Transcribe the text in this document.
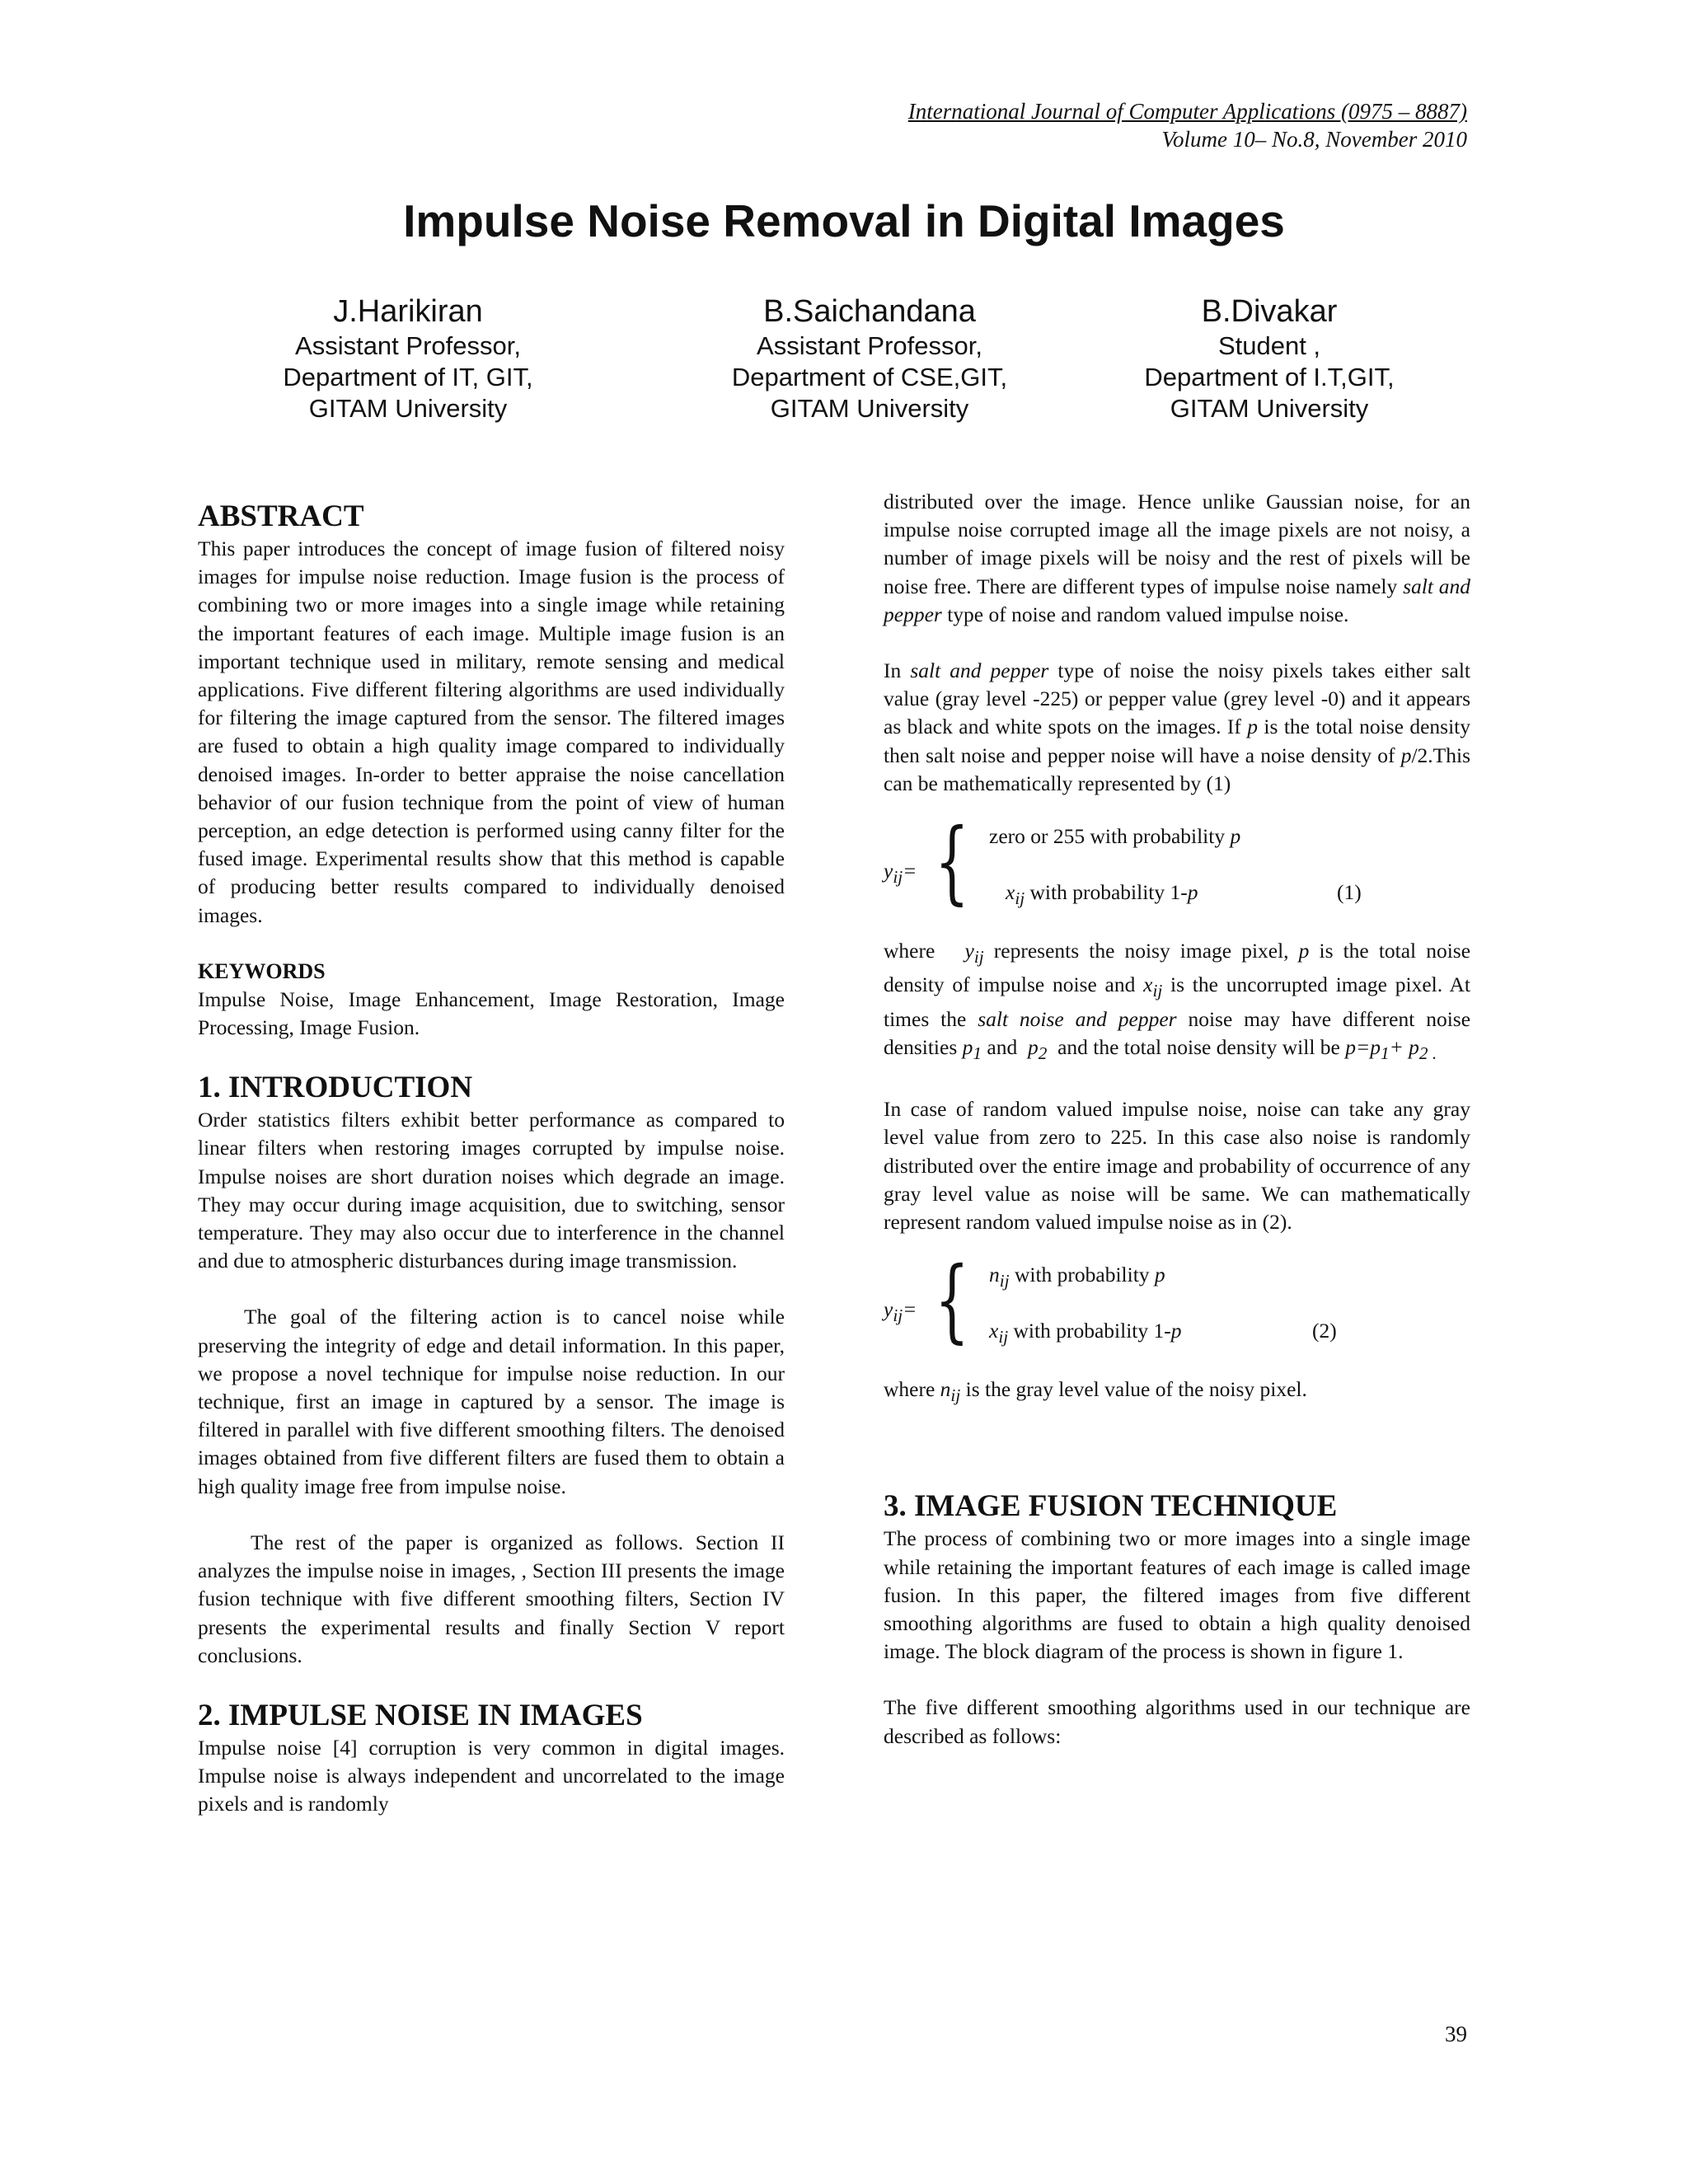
International Journal of Computer Applications (0975 – 8887)
Volume 10– No.8, November 2010
Impulse Noise Removal in Digital Images
J.Harikiran
Assistant Professor,
Department of IT, GIT,
GITAM University
B.Saichandana
Assistant Professor,
Department of CSE,GIT,
GITAM University
B.Divakar
Student ,
Department of I.T,GIT,
GITAM University
ABSTRACT

This paper introduces the concept of image fusion of filtered noisy images for impulse noise reduction. Image fusion is the process of combining two or more images into a single image while retaining the important features of each image. Multiple image fusion is an important technique used in military, remote sensing and medical applications. Five different filtering algorithms are used individually for filtering the image captured from the sensor. The filtered images are fused to obtain a high quality image compared to individually denoised images. In-order to better appraise the noise cancellation behavior of our fusion technique from the point of view of human perception, an edge detection is performed using canny filter for the fused image. Experimental results show that this method is capable of producing better results compared to individually denoised images.

KEYWORDS

Impulse Noise, Image Enhancement, Image Restoration, Image Processing, Image Fusion.

1. INTRODUCTION

Order statistics filters exhibit better performance as compared to linear filters when restoring images corrupted by impulse noise. Impulse noises are short duration noises which degrade an image. They may occur during image acquisition, due to switching, sensor temperature. They may also occur due to interference in the channel and due to atmospheric disturbances during image transmission.

The goal of the filtering action is to cancel noise while preserving the integrity of edge and detail information. In this paper, we propose a novel technique for impulse noise reduction. In our technique, first an image in captured by a sensor. The image is filtered in parallel with five different smoothing filters. The denoised images obtained from five different filters are fused them to obtain a high quality image free from impulse noise.

The rest of the paper is organized as follows. Section II analyzes the impulse noise in images, , Section III presents the image fusion technique with five different smoothing filters, Section IV presents the experimental results and finally Section V report conclusions.

2. IMPULSE NOISE IN IMAGES

Impulse noise [4] corruption is very common in digital images. Impulse noise is always independent and uncorrelated to the image pixels and is randomly

distributed over the image. Hence unlike Gaussian noise, for an impulse noise corrupted image all the image pixels are not noisy, a number of image pixels will be noisy and the rest of pixels will be noise free. There are different types of impulse noise namely salt and pepper type of noise and random valued impulse noise.

In salt and pepper type of noise the noisy pixels takes either salt value (gray level -225) or pepper value (grey level -0) and it appears as black and white spots on the images. If p is the total noise density then salt noise and pepper noise will have a noise density of p/2.This can be mathematically represented by (1)

$y_{ij}=$ { zero or 255 with probability p
$x_{ij}$ with probability 1-p	(1)

where $y_{ij}$ represents the noisy image pixel, p is the total noise density of impulse noise and $x_{ij}$ is the uncorrupted image pixel. At times the salt noise and pepper noise may have different noise densities $p_1$ and $p_2$ and the total noise density will be $p=p_1+ p_{2 .}$

In case of random valued impulse noise, noise can take any gray level value from zero to 225. In this case also noise is randomly distributed over the entire image and probability of occurrence of any gray level value as noise will be same. We can mathematically represent random valued impulse noise as in (2).

$y_{ij}=$ { $n_{ij}$ with probability p
$x_{ij}$ with probability 1-p	(2)

where $n_{ij}$ is the gray level value of the noisy pixel.

3. IMAGE FUSION TECHNIQUE

The process of combining two or more images into a single image while retaining the important features of each image is called image fusion. In this paper, the filtered images from five different smoothing algorithms are fused to obtain a high quality denoised image. The block diagram of the process is shown in figure 1.

The five different smoothing algorithms used in our technique are described as follows:

39
